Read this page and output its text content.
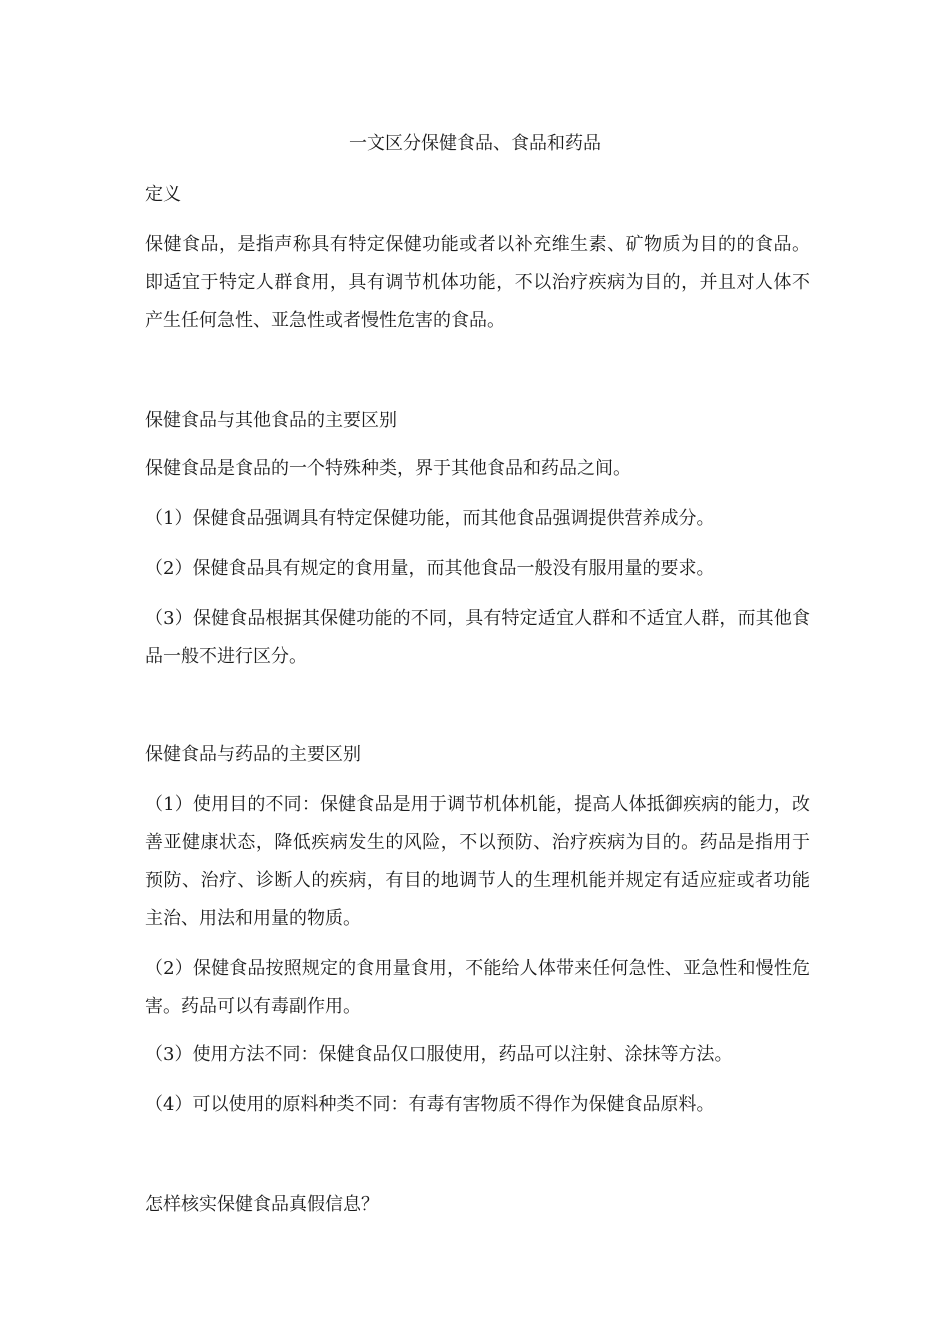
一文区分保健食品、食品和药品

定义

保健食品，是指声称具有特定保健功能或者以补充维生素、矿物质为目的的食品。即适宜于特定人群食用，具有调节机体功能，不以治疗疾病为目的，并且对人体不产生任何急性、亚急性或者慢性危害的食品。

保健食品与其他食品的主要区别

保健食品是食品的一个特殊种类，界于其他食品和药品之间。

（1）保健食品强调具有特定保健功能，而其他食品强调提供营养成分。

（2）保健食品具有规定的食用量，而其他食品一般没有服用量的要求。

（3）保健食品根据其保健功能的不同，具有特定适宜人群和不适宜人群，而其他食品一般不进行区分。

保健食品与药品的主要区别

（1）使用目的不同：保健食品是用于调节机体机能，提高人体抵御疾病的能力，改善亚健康状态，降低疾病发生的风险，不以预防、治疗疾病为目的。药品是指用于预防、治疗、诊断人的疾病，有目的地调节人的生理机能并规定有适应症或者功能主治、用法和用量的物质。

（2）保健食品按照规定的食用量食用，不能给人体带来任何急性、亚急性和慢性危害。药品可以有毒副作用。

（3）使用方法不同：保健食品仅口服使用，药品可以注射、涂抹等方法。

（4）可以使用的原料种类不同：有毒有害物质不得作为保健食品原料。

怎样核实保健食品真假信息？
